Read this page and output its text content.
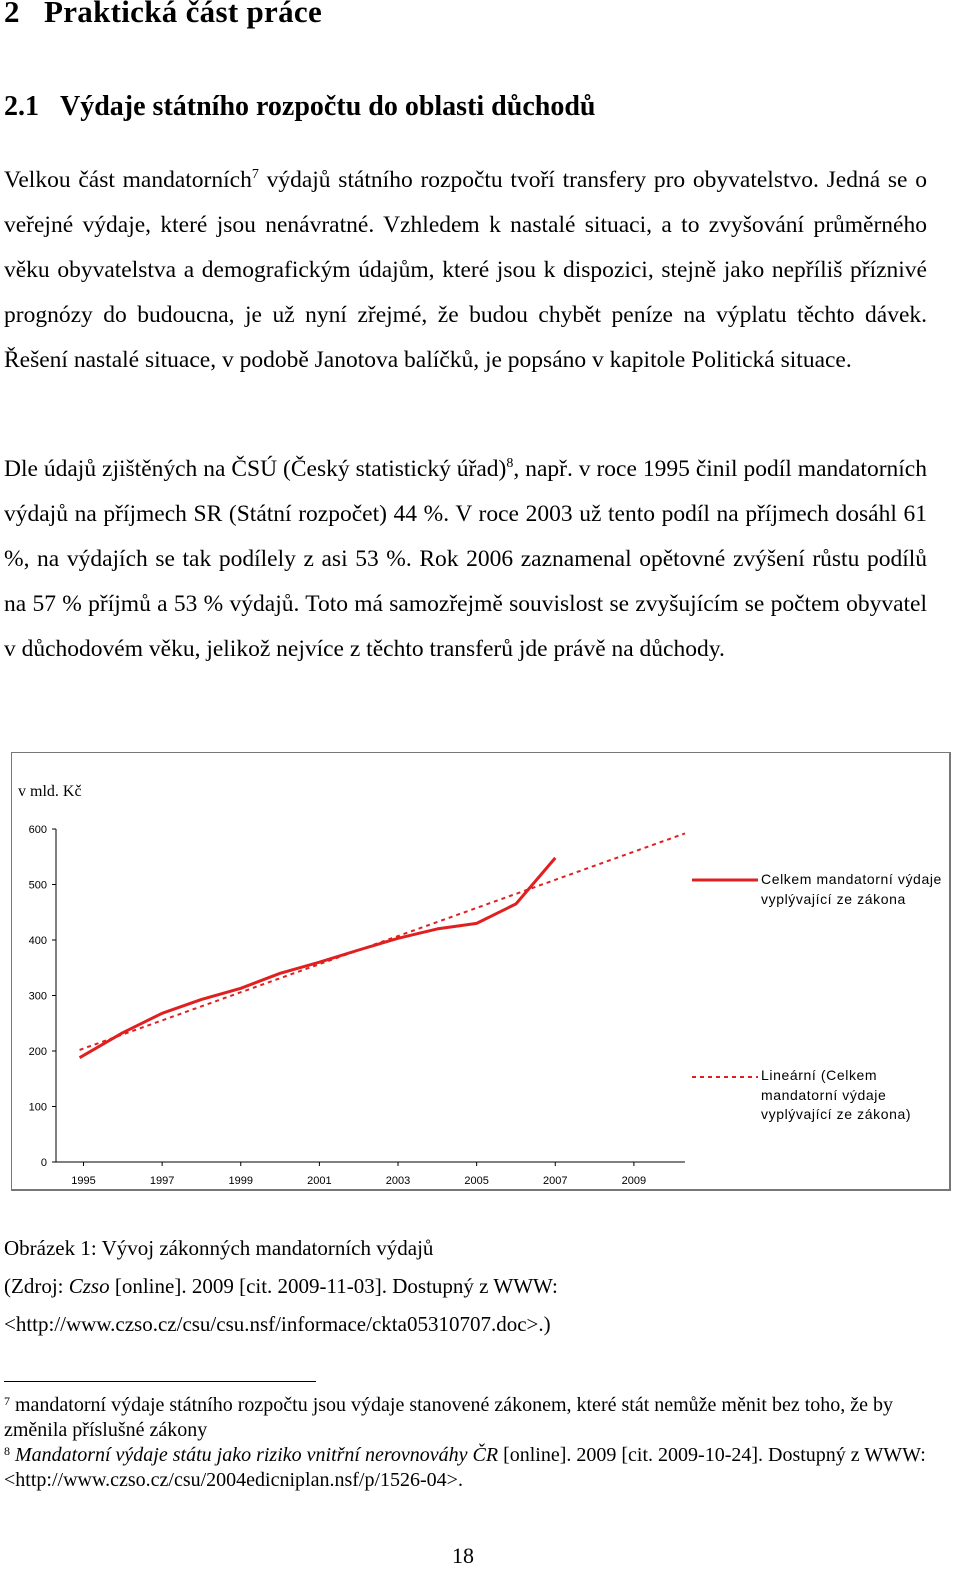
2 Praktická část práce
2.1 Výdaje státního rozpočtu do oblasti důchodů

Velkou část mandatorních$^7$ výdajů státního rozpočtu tvoří transfery pro obyvatelstvo. Jedná se o veřejné výdaje, které jsou nenávratné. Vzhledem k nastalé situaci, a to zvyšování průměrného věku obyvatelstva a demografickým údajům, které jsou k dispozici, stejně jako nepříliš příznivé prognózy do budoucna, je už nyní zřejmé, že budou chybět peníze na výplatu těchto dávek. Řešení nastalé situace, v podobě Janotova balíčků, je popsáno v kapitole Politická situace.

Dle údajů zjištěných na ČSÚ (Český statistický úřad)$^8$, např. v roce 1995 činil podíl mandatorních výdajů na příjmech SR (Státní rozpočet) 44 %. V roce 2003 už tento podíl na příjmech dosáhl 61 %, na výdajích se tak podílely z asi 53 %. Rok 2006 zaznamenal opětovné zvýšení růstu podílů na 57 % příjmů a 53 % výdajů. Toto má samozřejmě souvislost se zvyšujícím se počtem obyvatel v důchodovém věku, jelikož nejvíce z těchto transferů jde právě na důchody.

v mld. Kč
0
100
200
300
400
500
600
1995	1997	1999	2001	2003	2005	2007	2009
Celkem mandatorní výdaje vyplývající ze zákona
Lineární (Celkem mandatorní výdaje vyplývající ze zákona)
Obrázek 1: Vývoj zákonných mandatorních výdajů
(Zdroj: Czso [online]. 2009 [cit. 2009-11-03]. Dostupný z WWW:
<http://www.czso.cz/csu/csu.nsf/informace/ckta05310707.doc>.)

$^7$ mandatorní výdaje státního rozpočtu jsou výdaje stanovené zákonem, které stát nemůže měnit bez toho, že by změnila příslušné zákony

$^8$ Mandatorní výdaje státu jako riziko vnitřní nerovnováhy ČR [online]. 2009 [cit. 2009-10-24]. Dostupný z WWW: <http://www.czso.cz/csu/2004edicniplan.nsf/p/1526-04>.

18
